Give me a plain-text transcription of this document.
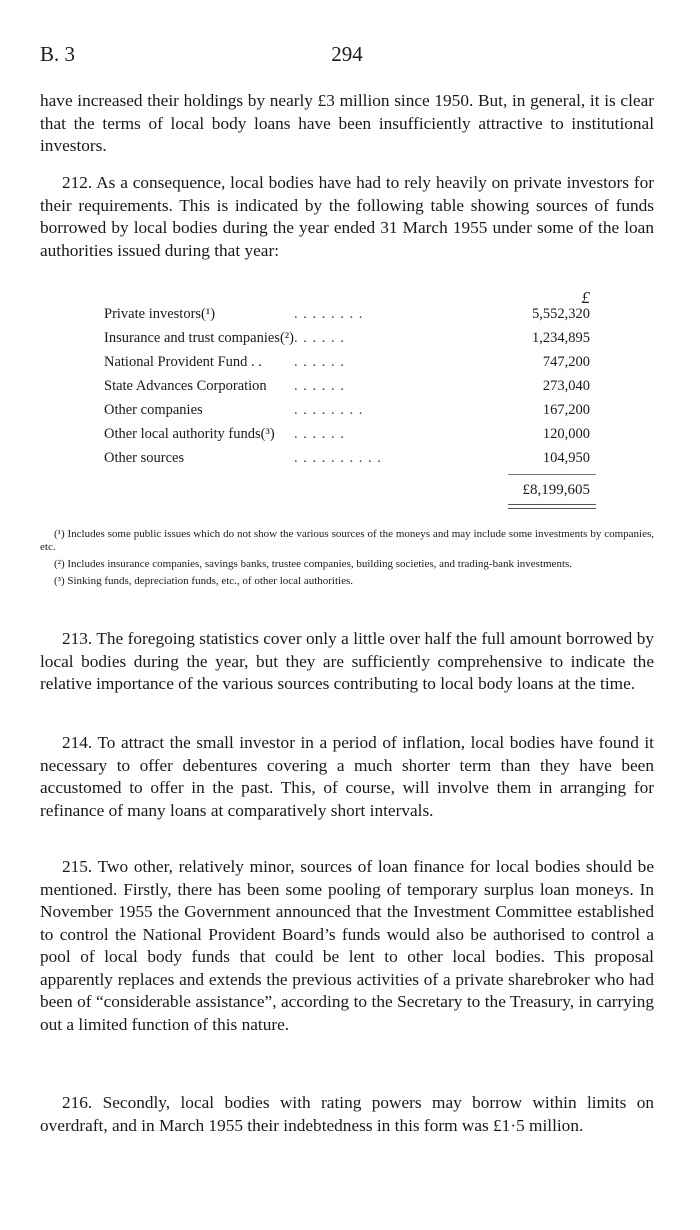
B. 3	294

have increased their holdings by nearly £3 million since 1950. But, in general, it is clear that the terms of local body loans have been insufficiently attractive to institutional investors.

212. As a consequence, local bodies have had to rely heavily on private investors for their requirements. This is indicated by the following table showing sources of funds borrowed by local bodies during the year ended 31 March 1955 under some of the loan authorities issued during that year:

£
Private investors(¹)	. . . . . . . .	5,552,320
Insurance and trust companies(²) . . . . . .	1,234,895
National Provident Fund . . . . . . . .	747,200
State Advances Corporation . . . . . .	273,040
Other companies	. . . . . . . .	167,200
Other local authority funds(³) . . . . . .	120,000
Other sources	. . . . . . . . . .	104,950
£8,199,605

(¹) Includes some public issues which do not show the various sources of the moneys and may include some investments by companies, etc.

(²) Includes insurance companies, savings banks, trustee companies, building societies, and trading-bank investments.

(³) Sinking funds, depreciation funds, etc., of other local authorities.

213. The foregoing statistics cover only a little over half the full amount borrowed by local bodies during the year, but they are sufficiently comprehensive to indicate the relative importance of the various sources contributing to local body loans at the time.

214. To attract the small investor in a period of inflation, local bodies have found it necessary to offer debentures covering a much shorter term than they have been accustomed to offer in the past. This, of course, will involve them in arranging for refinance of many loans at comparatively short intervals.

215. Two other, relatively minor, sources of loan finance for local bodies should be mentioned. Firstly, there has been some pooling of temporary surplus loan moneys. In November 1955 the Government announced that the Investment Committee established to control the National Provident Board’s funds would also be authorised to control a pool of local body funds that could be lent to other local bodies. This proposal apparently replaces and extends the previous activities of a private sharebroker who had been of “considerable assistance”, according to the Secretary to the Treasury, in carrying out a limited function of this nature.

216. Secondly, local bodies with rating powers may borrow within limits on overdraft, and in March 1955 their indebtedness in this form was £1·5 million.
